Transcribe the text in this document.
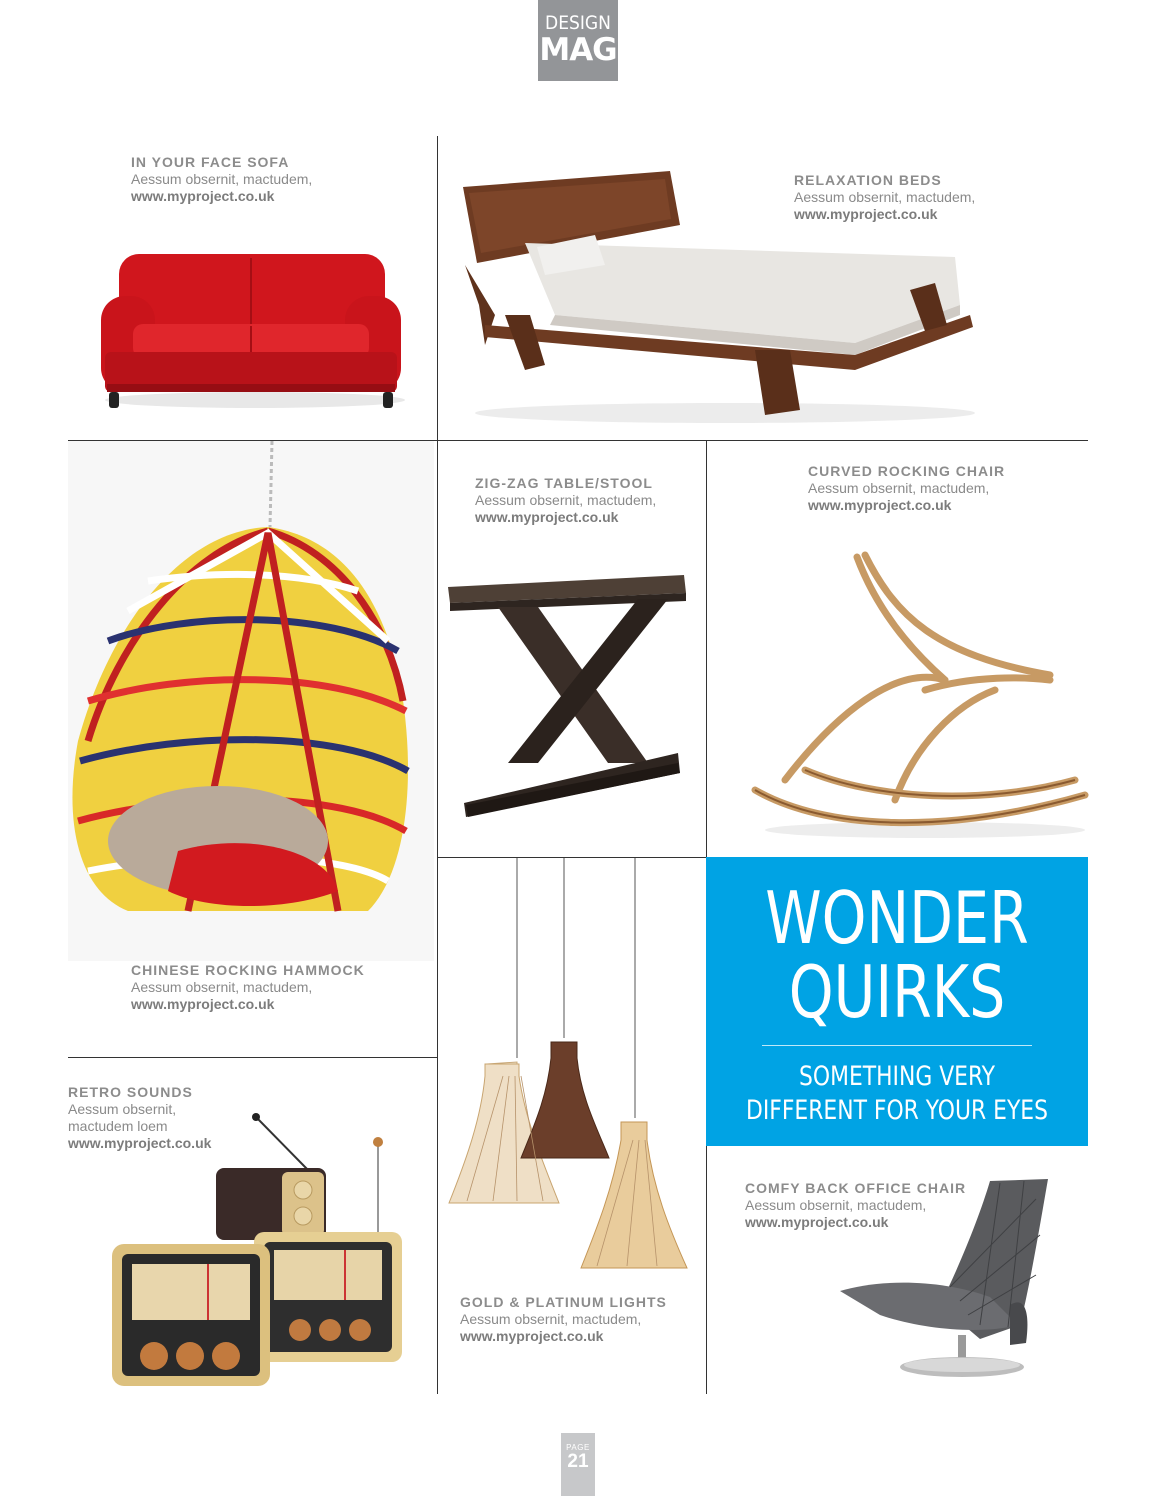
DESIGN
MAG
IN YOUR FACE SOFA
Aessum obsernit, mactudem,
www.myproject.co.uk
RELAXATION BEDS
Aessum obsernit, mactudem,
www.myproject.co.uk
CHINESE ROCKING HAMMOCK
Aessum obsernit, mactudem,
www.myproject.co.uk
ZIG-ZAG TABLE/STOOL
Aessum obsernit, mactudem,
www.myproject.co.uk
CURVED ROCKING CHAIR
Aessum obsernit, mactudem,
www.myproject.co.uk
GOLD & PLATINUM LIGHTS
Aessum obsernit, mactudem,
www.myproject.co.uk
WONDER
QUIRKS
SOMETHING VERY
DIFFERENT FOR YOUR EYES
RETRO SOUNDS
Aessum obsernit,
mactudem loem
www.myproject.co.uk
COMFY BACK OFFICE CHAIR
Aessum obsernit, mactudem,
www.myproject.co.uk
PAGE
21
